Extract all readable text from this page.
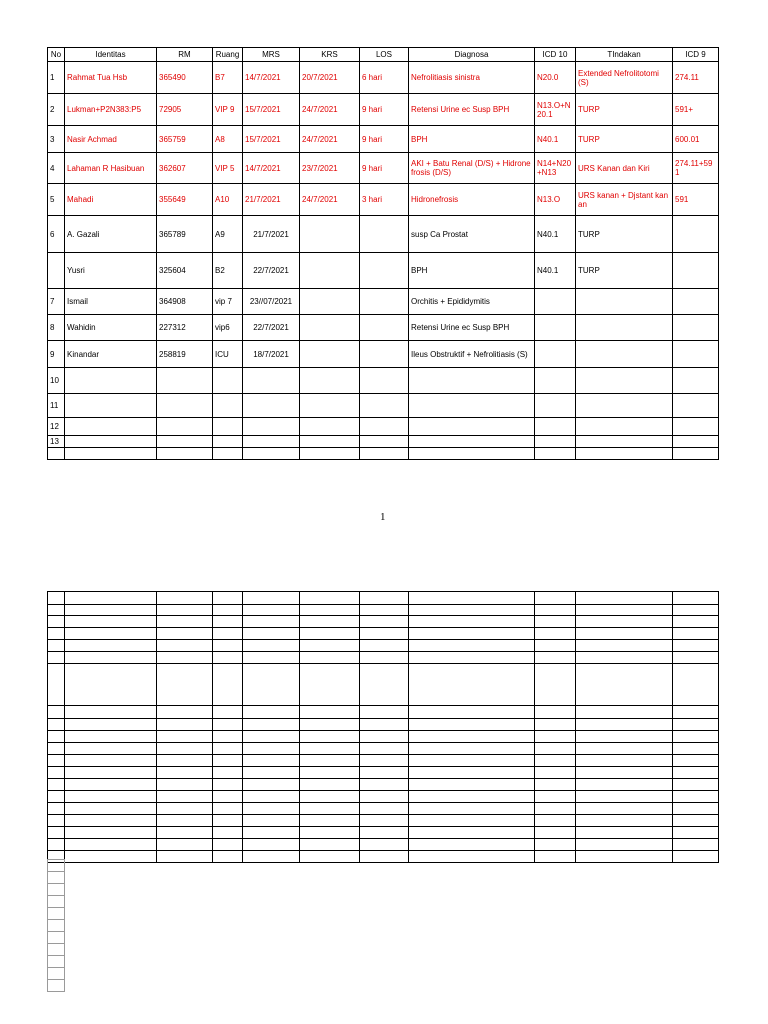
No	Identitas	RM	Ruang	MRS	KRS	LOS	Diagnosa	ICD 10	TIndakan	ICD 9
1	Rahmat Tua Hsb	365490	B7	14/7/2021	20/7/2021	6 hari	Nefrolitiasis sinistra	N20.0	Extended Nefrolitotomi (S)	274.11
2	Lukman+P2N383:P5	72905	VIP 9	15/7/2021	24/7/2021	9 hari	Retensi Urine ec Susp BPH	N13.O+N20.1	TURP	591+
3	Nasir Achmad	365759	A8	15/7/2021	24/7/2021	9 hari	BPH	N40.1	TURP	600.01
4	Lahaman R Hasibuan	362607	VIP 5	14/7/2021	23/7/2021	9 hari	AKI + Batu Renal (D/S) + Hidronefrosis (D/S)	N14+N20+N13	URS Kanan dan Kiri	274.11+591
5	Mahadi	355649	A10	21/7/2021	24/7/2021	3 hari	Hidronefrosis	N13.O	URS kanan + Djstant kanan	591
6	A. Gazali	365789	A9	21/7/2021			susp Ca Prostat	N40.1	TURP	
	Yusri	325604	B2	22/7/2021			BPH	N40.1	TURP	
7	Ismail	364908	vip 7	23//07/2021			Orchitis + Epididymitis			
8	Wahidin	227312	vip6	22/7/2021			Retensi Urine ec Susp BPH			
9	Kinandar	258819	ICU	18/7/2021			Ileus Obstruktif + Nefrolitiasis (S)			
10										
11										
12										
13										

1
